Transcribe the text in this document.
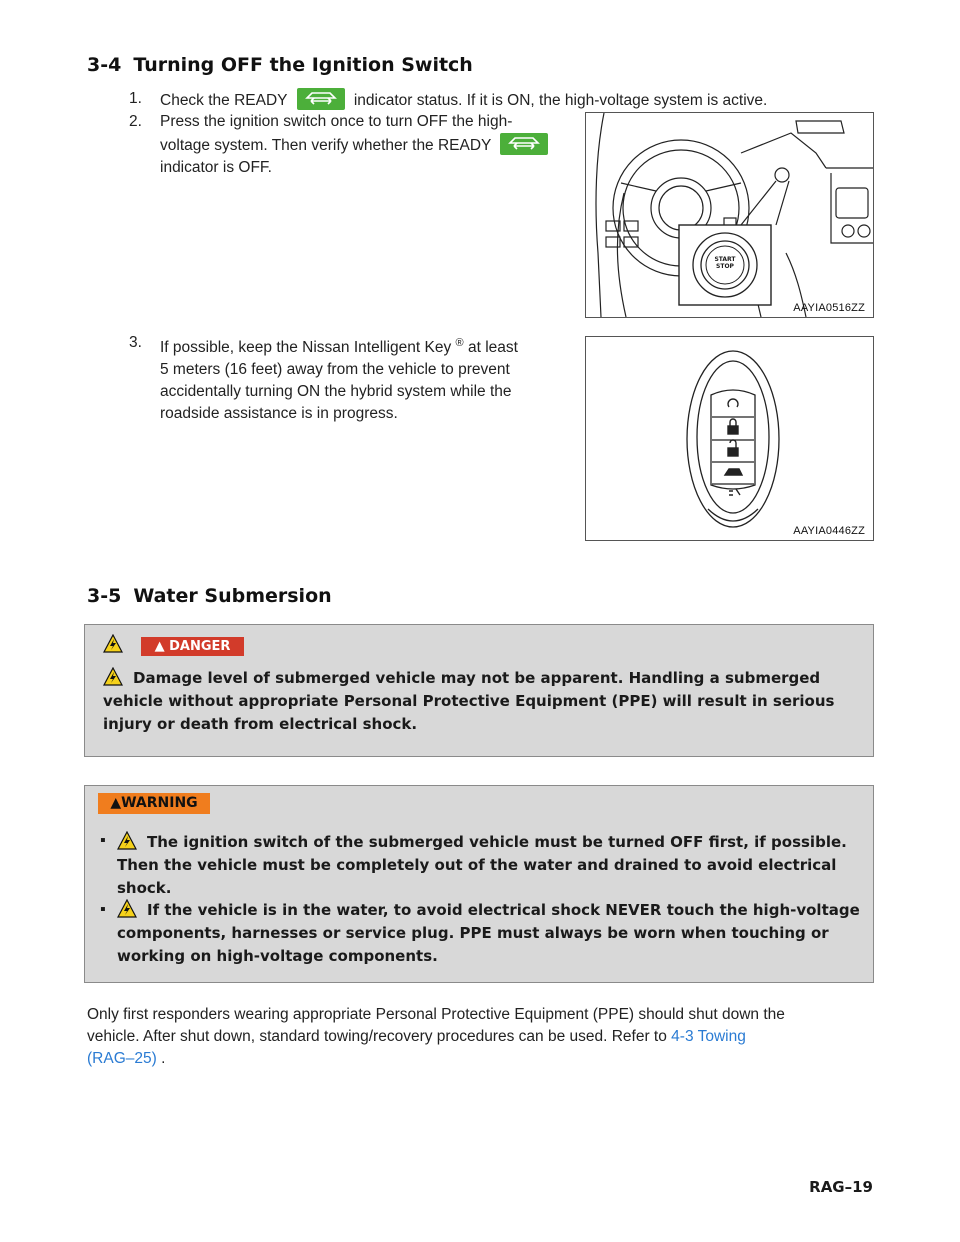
3-4 Turning OFF the Ignition Switch
1.	Check the READY	indicator status. If it is ON, the high-voltage system is active.
2.	Press the ignition switch once to turn OFF the high-
voltage system. Then verify whether the READY
indicator is OFF.
START
STOP
AAYIA0516ZZ
3.	If possible, keep the Nissan Intelligent Key ® at least
5 meters (16 feet) away from the vehicle to prevent
accidentally turning ON the hybrid system while the
roadside assistance is in progress.
AAYIA0446ZZ
3-5 Water Submersion
▲ DANGER
Damage level of submerged vehicle may not be apparent. Handling a submerged
vehicle without appropriate Personal Protective Equipment (PPE) will result in serious
injury or death from electrical shock.
▲WARNING
▪	The ignition switch of the submerged vehicle must be turned OFF first, if possible.
Then the vehicle must be completely out of the water and drained to avoid electrical
shock.
▪	If the vehicle is in the water, to avoid electrical shock NEVER touch the high-voltage
components, harnesses or service plug. PPE must always be worn when touching or
working on high-voltage components.
Only first responders wearing appropriate Personal Protective Equipment (PPE) should shut down the
vehicle. After shut down, standard towing/recovery procedures can be used. Refer to 4-3 Towing
(RAG–25) .
RAG–19
